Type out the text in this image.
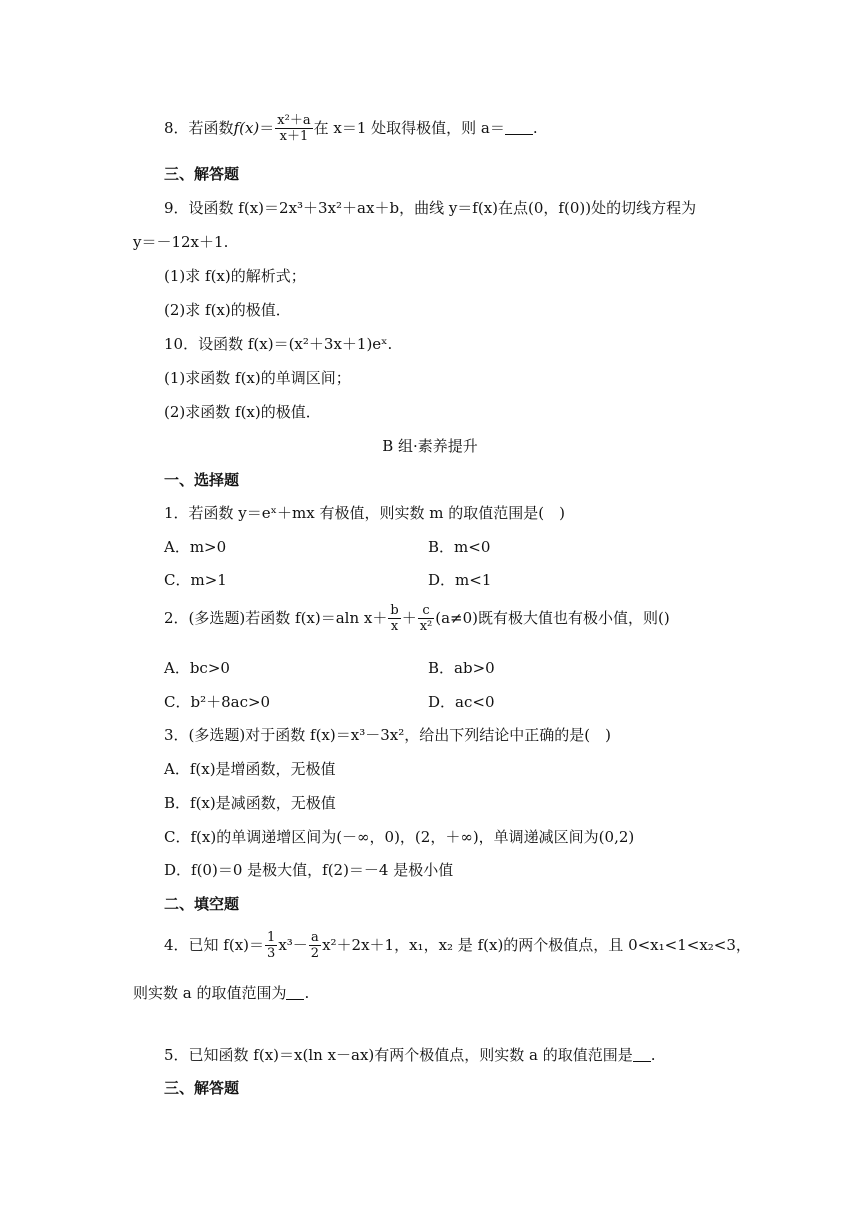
8．若函数$f(x)= \frac{\text{x²＋a}}{x+1}$ 在 x＝1 处取得极值，则 a＝ .
三、解答题
9．设函数 f(x)＝2x³＋3x²＋ax＋b，曲线 y＝f(x)在点(0，f(0))处的切线方程为
y＝－12x＋1.
(1)求 f(x)的解析式；
(2)求 f(x)的极值．
10．设函数 f(x)＝(x²＋3x＋1)eˣ.
(1)求函数 f(x)的单调区间；
(2)求函数 f(x)的极值．
B 组·素养提升
一、选择题
1．若函数 y＝eˣ＋mx 有极值，则实数 m 的取值范围是(　)
A．m>0	B．m<0
C．m>1	D．m<1
2．(多选题)若函数 f(x)＝aln $x+ \frac{b}{x} + \frac{c}{\text{x²}} (a\ne 0)$既有极大值也有极小值，则()
A．bc>0	B．ab>0
C．b²＋8ac>0	D．ac<0
3．(多选题)对于函数 f(x)＝x³－3x²，给出下列结论中正确的是(　)
A．f(x)是增函数，无极值
B．f(x)是减函数，无极值
C．f(x)的单调递增区间为(－∞，0)，(2，＋∞)，单调递减区间为(0,2)
D．f(0)＝0 是极大值，f(2)＝－4 是极小值
二、填空题
4．已知 $f(x)= \frac{1}{3} x^3- \frac{a}{2} x^2+2x+1$，x₁，x₂ 是 f(x)的两个极值点，且 0<x₁<1<x₂<3，
则实数 a 的取值范围为 .
5．已知函数 f(x)＝x(ln x－ax)有两个极值点，则实数 a 的取值范围是 .
三、解答题
